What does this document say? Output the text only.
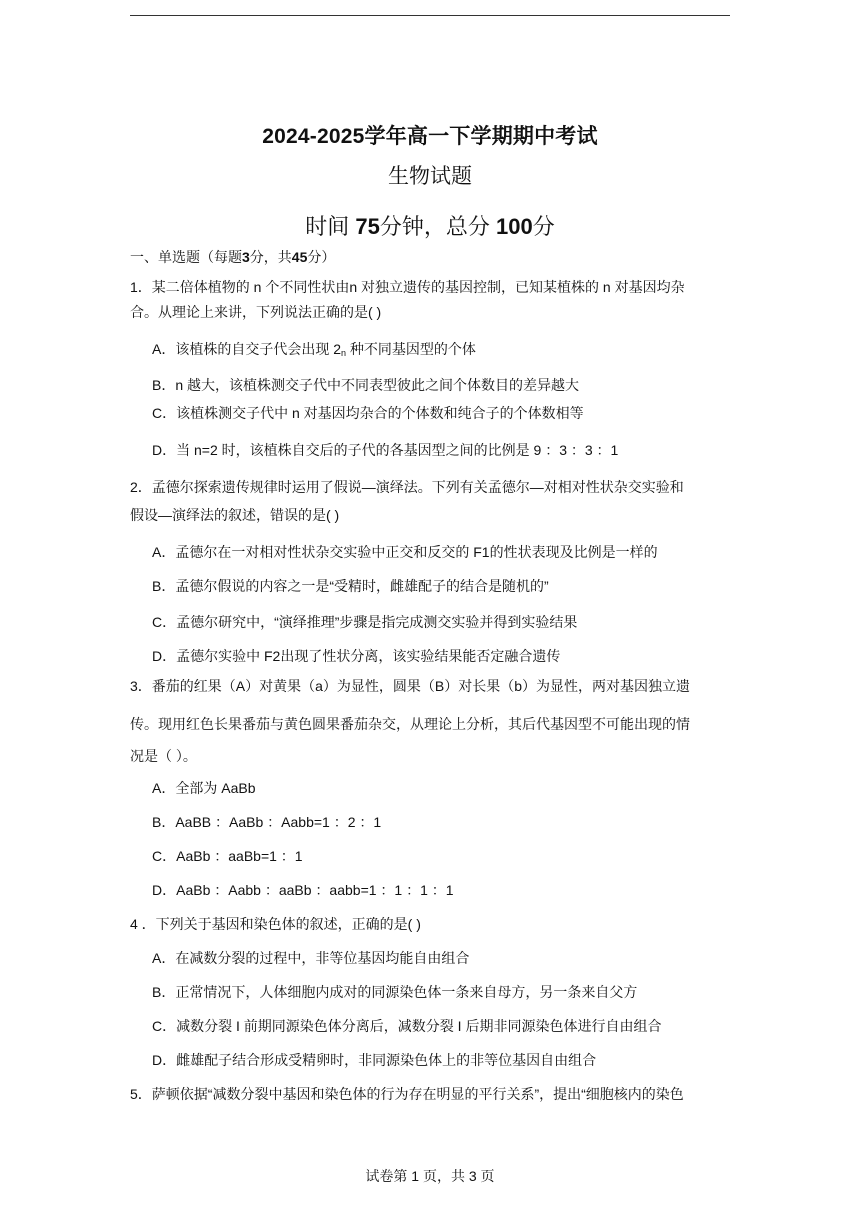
2024-2025学年高一下学期期中考试
生物试题
时间 75分钟，总分 100分
一、单选题（每题3分，共45分）
1．某二倍体植物的 n 个不同性状由n 对独立遗传的基因控制，已知某植株的 n 对基因均杂
合。从理论上来讲，下列说法正确的是( )
A．该植株的自交子代会出现 $2_n$ 种不同基因型的个体
B．n 越大，该植株测交子代中不同表型彼此之间个体数目的差异越大
C．该植株测交子代中 n 对基因均杂合的个体数和纯合子的个体数相等
D．当 n=2 时，该植株自交后的子代的各基因型之间的比例是 9 ：3 ：3 ：1
2．孟德尔探索遗传规律时运用了假说—演绎法。下列有关孟德尔—对相对性状杂交实验和
假设—演绎法的叙述，错误的是( )
A．孟德尔在一对相对性状杂交实验中正交和反交的 F1的性状表现及比例是一样的
B．孟德尔假说的内容之一是“受精时，雌雄配子的结合是随机的”
C．孟德尔研究中，“演绎推理”步骤是指完成测交实验并得到实验结果
D．孟德尔实验中 F2出现了性状分离，该实验结果能否定融合遗传
3．番茄的红果（A）对黄果（a）为显性，圆果（B）对长果（b）为显性，两对基因独立遗
传。现用红色长果番茄与黄色圆果番茄杂交，从理论上分析，其后代基因型不可能出现的情
况是（ ）。
A．全部为 AaBb
B．AaBB ：AaBb ：Aabb=1 ：2 ：1
C．AaBb ：aaBb=1 ：1
D．AaBb ：Aabb ：aaBb ：aabb=1 ：1 ：1 ：1
4 ．下列关于基因和染色体的叙述，正确的是( )
A．在减数分裂的过程中，非等位基因均能自由组合
B．正常情况下，人体细胞内成对的同源染色体一条来自母方，另一条来自父方
C．减数分裂 I 前期同源染色体分离后，减数分裂 I 后期非同源染色体进行自由组合
D．雌雄配子结合形成受精卵时，非同源染色体上的非等位基因自由组合
5．萨顿依据“减数分裂中基因和染色体的行为存在明显的平行关系”，提出“细胞核内的染色
试卷第 1 页，共 3 页
